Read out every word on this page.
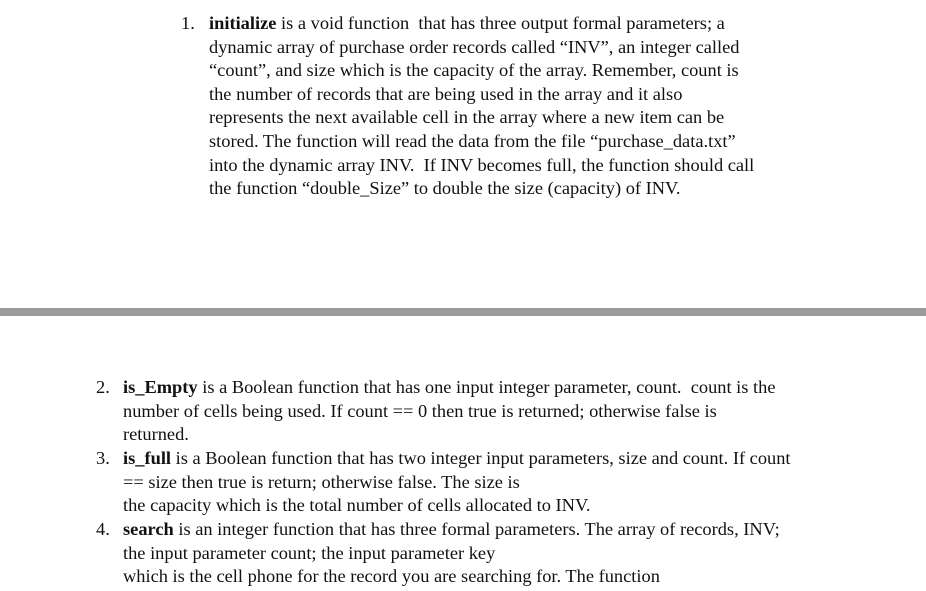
1. initialize is a void function  that has three output formal parameters; a
dynamic array of purchase order records called “INV”, an integer called
“count”, and size which is the capacity of the array. Remember, count is
the number of records that are being used in the array and it also
represents the next available cell in the array where a new item can be
stored. The function will read the data from the file “purchase_data.txt”
into the dynamic array INV.  If INV becomes full, the function should call
the function “double_Size” to double the size (capacity) of INV.
2. is_Empty is a Boolean function that has one input integer parameter, count.  count is the
number of cells being used. If count == 0 then true is returned; otherwise false is
returned.
3. is_full is a Boolean function that has two integer input parameters, size and count. If count
== size then true is return; otherwise false. The size is
the capacity which is the total number of cells allocated to INV.
4. search is an integer function that has three formal parameters. The array of records, INV;
the input parameter count; the input parameter key
which is the cell phone for the record you are searching for. The function
